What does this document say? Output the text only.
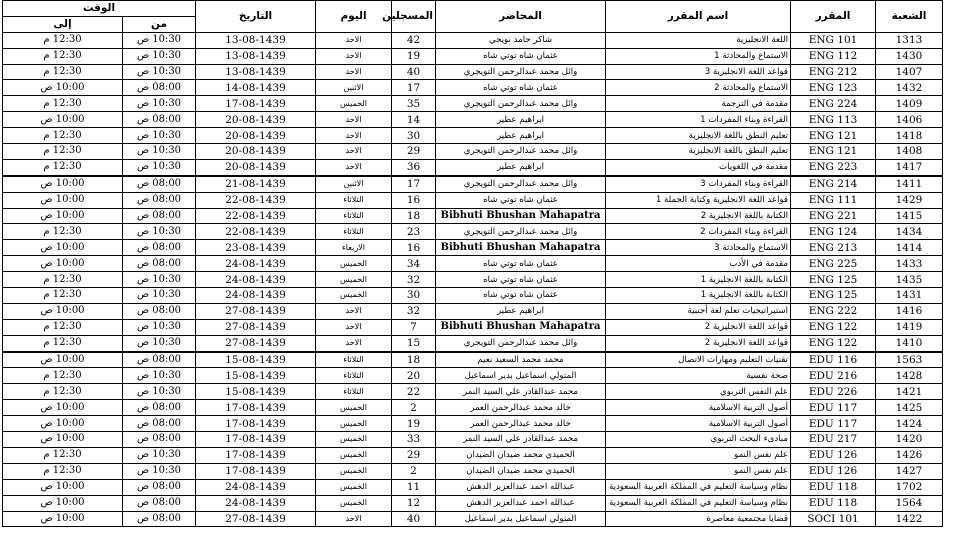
الشعبة	المقرر	اسم المقرر	المحاضر	المسجلين	اليوم	التاريخ	الوقت	
							من	إلى
1313	ENG 101	اللغة الانجليزية	شاكر حامد نويجي	42	الاحد	13-08-1439	10:30 ص	12:30 م
1430	ENG 112	الاستماع والمحادثة 1	عثمان شاه توتي شاه	19	الاحد	13-08-1439	10:30 ص	12:30 م
1407	ENG 212	قواعد اللغة الانجليزية 3	وائل محمد عبدالرحمن التويجري	40	الاحد	13-08-1439	10:30 ص	12:30 م
1432	ENG 123	الاستماع والمحادثة 2	عثمان شاه توتي شاه	17	الاثنين	14-08-1439	08:00 ص	10:00 ص
1409	ENG 224	مقدمة في الترجمة	وائل محمد عبدالرحمن التويجري	35	الخميس	17-08-1439	10:30 ص	12:30 م
1406	ENG 113	القراءة وبناء المفردات 1	ابراهيم عطير	14	الاحد	20-08-1439	08:00 ص	10:00 ص
1418	ENG 121	تعليم النطق باللغة الانجليزية	ابراهيم عطير	30	الاحد	20-08-1439	10:30 ص	12:30 م
1408	ENG 121	تعليم النطق باللغة الانجليزية	وائل محمد عبدالرحمن التويجري	29	الاحد	20-08-1439	10:30 ص	12:30 م
1417	ENG 223	مقدمة في اللغويات	ابراهيم عطير	36	الاحد	20-08-1439	10:30 ص	12:30 م
1411	ENG 214	القراءة وبناء المفردات 3	وائل محمد عبدالرحمن التويجري	17	الاثنين	21-08-1439	08:00 ص	10:00 ص
1429	ENG 111	قواعد اللغة الانجليزية وكتابة الجملة 1	عثمان شاه توتي شاه	16	الثلاثاء	22-08-1439	08:00 ص	10:00 ص
1415	ENG 221	الكتابة باللغة الانجليزية 2	Bibhuti Bhushan Mahapatra	18	الثلاثاء	22-08-1439	08:00 ص	10:00 ص
1434	ENG 124	القراءة وبناء المفردات 2	وائل محمد عبدالرحمن التويجري	23	الثلاثاء	22-08-1439	10:30 ص	12:30 م
1414	ENG 213	الاستماع والمحادثة 3	Bibhuti Bhushan Mahapatra	16	الاربعاء	23-08-1439	08:00 ص	10:00 ص
1433	ENG 225	مقدمة في الأدب	عثمان شاه توتي شاه	34	الخميس	24-08-1439	08:00 ص	10:00 ص
1435	ENG 125	الكتابة باللغة الانجليزية 1	عثمان شاه توتي شاه	32	الخميس	24-08-1439	10:30 ص	12:30 م
1431	ENG 125	الكتابة باللغة الانجليزية 1	عثمان شاه توتي شاه	30	الخميس	24-08-1439	10:30 ص	12:30 م
1416	ENG 222	استيراتيجيات تعلم لغة أجنبية	ابراهيم عطير	32	الاحد	27-08-1439	08:00 ص	10:00 ص
1419	ENG 122	قواعد اللغة الانجليزية 2	Bibhuti Bhushan Mahapatra	7	الاحد	27-08-1439	10:30 ص	12:30 م
1410	ENG 122	قواعد اللغة الانجليزية 2	وائل محمد عبدالرحمن التويجري	15	الاحد	27-08-1439	10:30 ص	12:30 م
1563	EDU 116	تقنيات التعليم ومهارات الاتصال	محمد محمد السعيد نعيم	18	الثلاثاء	15-08-1439	08:00 ص	10:00 ص
1428	EDU 216	صحة نفسية	المتولي اسماعيل بدير اسماعيل	20	الثلاثاء	15-08-1439	10:30 ص	12:30 م
1421	EDU 226	علم النفس التربوي	محمد عبدالقادر علي السيد النمر	22	الثلاثاء	15-08-1439	10:30 ص	12:30 م
1425	EDU 117	أصول التربية الاسلامية	خالد محمد عبدالرحمن العمر	2	الخميس	17-08-1439	08:00 ص	10:00 ص
1424	EDU 117	أصول التربية الاسلامية	خالد محمد عبدالرحمن العمر	19	الخميس	17-08-1439	08:00 ص	10:00 ص
1420	EDU 217	مبادىء البحث التربوي	محمد عبدالقادر علي السيد النمر	33	الخميس	17-08-1439	08:00 ص	10:00 ص
1426	EDU 126	علم نفس النمو	الحميدي محمد ضيدان الضيدان	29	الخميس	17-08-1439	10:30 ص	12:30 م
1427	EDU 126	علم نفس النمو	الحميدي محمد ضيدان الضيدان	2	الخميس	17-08-1439	10:30 ص	12:30 م
1702	EDU 118	نظام وسياسة التعليم في المملكة العربية السعودية	عبدالله احمد عبدالعزيز الدهش	11	الخميس	24-08-1439	08:00 ص	10:00 ص
1564	EDU 118	نظام وسياسة التعليم في المملكة العربية السعودية	عبدالله احمد عبدالعزيز الدهش	12	الخميس	24-08-1439	08:00 ص	10:00 ص
1422	SOCI 101	قضايا مجتمعية معاصرة	المتولي اسماعيل بدير اسماعيل	40	الاحد	27-08-1439	08:00 ص	10:00 ص
